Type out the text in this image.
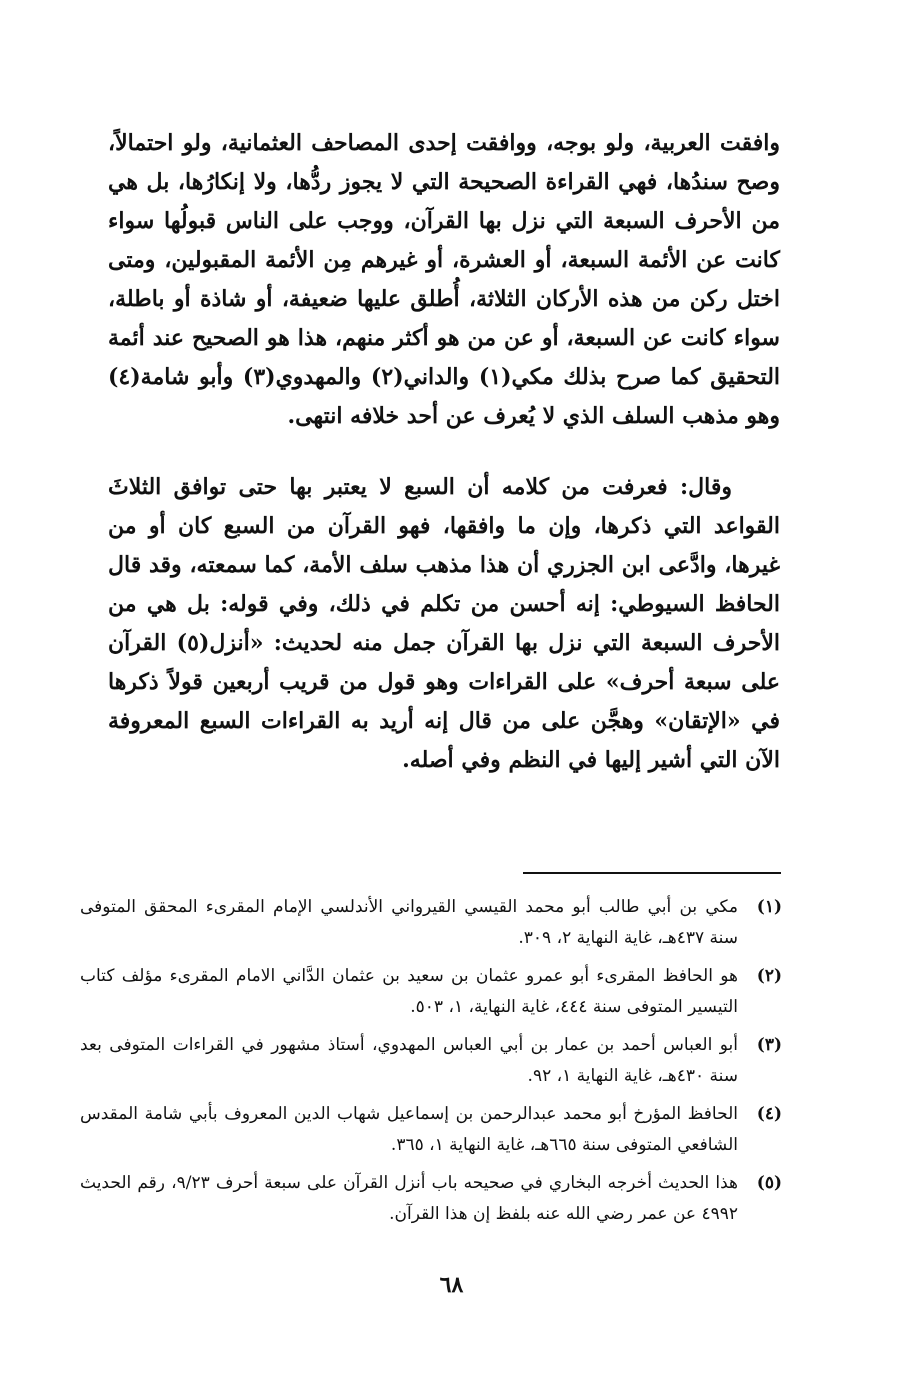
وافقت العربية، ولو بوجه، ووافقت إحدى المصاحف العثمانية، ولو احتمالاً، وصح سندُها، فهي القراءة الصحيحة التي لا يجوز ردُّها، ولا إنكارُها، بل هي من الأحرف السبعة التي نزل بها القرآن، ووجب على الناس قبولُها سواء كانت عن الأئمة السبعة، أو العشرة، أو غيرهم مِن الأئمة المقبولين، ومتى اختل ركن من هذه الأركان الثلاثة، أُطلق عليها ضعيفة، أو شاذة أو باطلة، سواء كانت عن السبعة، أو عن من هو أكثر منهم، هذا هو الصحيح عند أئمة التحقيق كما صرح بذلك مكي(١) والداني(٢) والمهدوي(٣) وأبو شامة(٤) وهو مذهب السلف الذي لا يُعرف عن أحد خلافه انتهى.

وقال: فعرفت من كلامه أن السبع لا يعتبر بها حتى توافق الثلاثَ القواعد التي ذكرها، وإن ما وافقها، فهو القرآن من السبع كان أو من غيرها، وادَّعى ابن الجزري أن هذا مذهب سلف الأمة، كما سمعته، وقد قال الحافظ السيوطي: إنه أحسن من تكلم في ذلك، وفي قوله: بل هي من الأحرف السبعة التي نزل بها القرآن جمل منه لحديث: «أنزل(٥) القرآن على سبعة أحرف» على القراءات وهو قول من قريب أربعين قولاً ذكرها في «الإتقان» وهجَّن على من قال إنه أريد به القراءات السبع المعروفة الآن التي أشير إليها في النظم وفي أصله.

(١)
مكي بن أبي طالب أبو محمد القيسي القيرواني الأندلسي الإمام المقرىء المحقق المتوفى سنة ٤٣٧هـ، غاية النهاية ٢، ٣٠٩.
(٢)
هو الحافظ المقرىء أبو عمرو عثمان بن سعيد بن عثمان الدَّاني الامام المقرىء مؤلف كتاب التيسير المتوفى سنة ٤٤٤، غاية النهاية، ١، ٥٠٣.
(٣)
أبو العباس أحمد بن عمار بن أبي العباس المهدوي، أستاذ مشهور في القراءات المتوفى بعد سنة ٤٣٠هـ، غاية النهاية ١، ٩٢.
(٤)
الحافظ المؤرخ أبو محمد عبدالرحمن بن إسماعيل شهاب الدين المعروف بأبي شامة المقدس الشافعي المتوفى سنة ٦٦٥هـ، غاية النهاية ١، ٣٦٥.
(٥)
هذا الحديث أخرجه البخاري في صحيحه باب أنزل القرآن على سبعة أحرف ٩/٢٣، رقم الحديث ٤٩٩٢ عن عمر رضي الله عنه بلفظ إن هذا القرآن.
٦٨
